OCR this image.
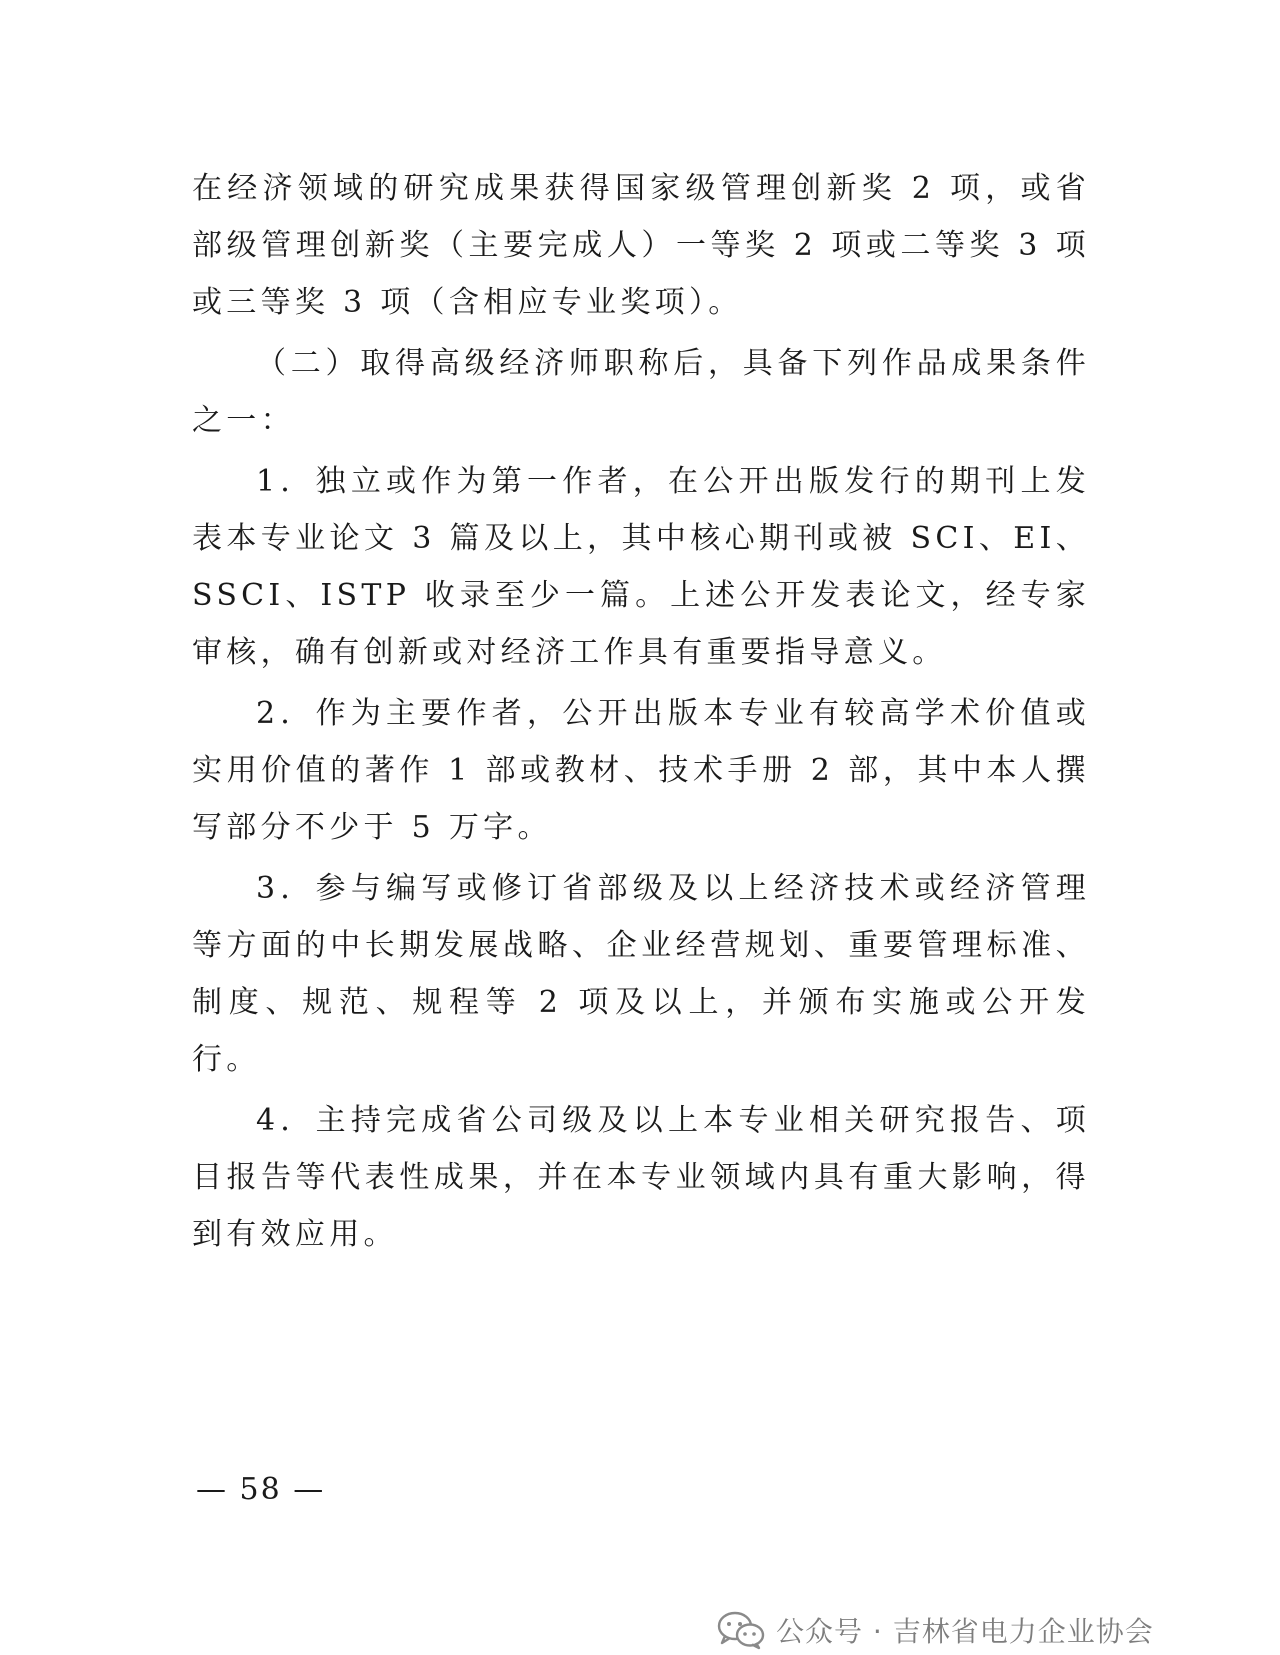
在经济领域的研究成果获得国家级管理创新奖 2 项，或省部级管理创新奖（主要完成人）一等奖 2 项或二等奖 3 项或三等奖 3 项（含相应专业奖项）。

（二）取得高级经济师职称后，具备下列作品成果条件之一：

1．独立或作为第一作者，在公开出版发行的期刊上发表本专业论文 3 篇及以上，其中核心期刊或被 SCI、EI、SSCI、ISTP 收录至少一篇。上述公开发表论文，经专家审核，确有创新或对经济工作具有重要指导意义。

2．作为主要作者，公开出版本专业有较高学术价值或实用价值的著作 1 部或教材、技术手册 2 部，其中本人撰写部分不少于 5 万字。

3．参与编写或修订省部级及以上经济技术或经济管理等方面的中长期发展战略、企业经营规划、重要管理标准、制度、规范、规程等 2 项及以上，并颁布实施或公开发行。

4．主持完成省公司级及以上本专业相关研究报告、项目报告等代表性成果，并在本专业领域内具有重大影响，得到有效应用。

— 58 —
公众号 · 吉林省电力企业协会
